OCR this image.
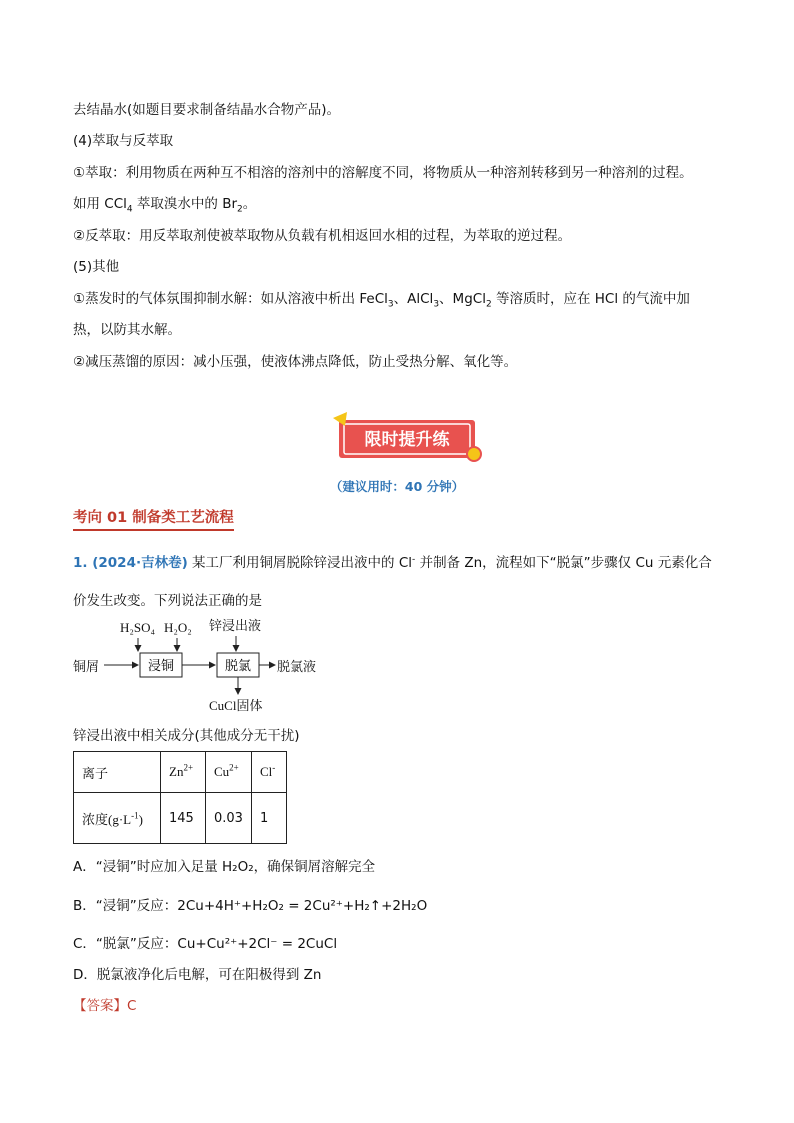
去结晶水(如题目要求制备结晶水合物产品)。
(4)萃取与反萃取
①萃取：利用物质在两种互不相溶的溶剂中的溶解度不同，将物质从一种溶剂转移到另一种溶剂的过程。
如用 CCl$_4$ 萃取溴水中的 $Br_2$。
②反萃取：用反萃取剂使被萃取物从负载有机相返回水相的过程，为萃取的逆过程。
(5)其他
①蒸发时的气体氛围抑制水解：如从溶液中析出 FeCl$_3$、AlCl$_3$、MgCl$_2$ 等溶质时，应在 HCl 的气流中加
热，以防其水解。
②减压蒸馏的原因：减小压强，使液体沸点降低，防止受热分解、氧化等。
限时提升练
（建议用时：40 分钟）
考向 01 制备类工艺流程
1. (2024·吉林卷) 某工厂利用铜屑脱除锌浸出液中的 Cl- 并制备 Zn，流程如下“脱氯”步骤仅 Cu 元素化合
价发生改变。下列说法正确的是
H₂SO₄ H₂O₂ 锌浸出液
铜屑	脱氯液
CuCl固体
浸铜	脱氯
锌浸出液中相关成分(其他成分无干扰)
离子	$Zn^{2+}$	$Cu^{2+}$	Cl-
浓度$(g\cdot L^{-1})$	145	0.03	1
A．“浸铜”时应加入足量 H₂O₂，确保铜屑溶解完全
B．“浸铜”反应：2Cu+4H⁺+H₂O₂ = 2Cu²⁺+H₂↑+2H₂O
C．“脱氯”反应：Cu+Cu²⁺+2Cl⁻ = 2CuCl
D．脱氯液净化后电解，可在阳极得到 Zn
【答案】C
